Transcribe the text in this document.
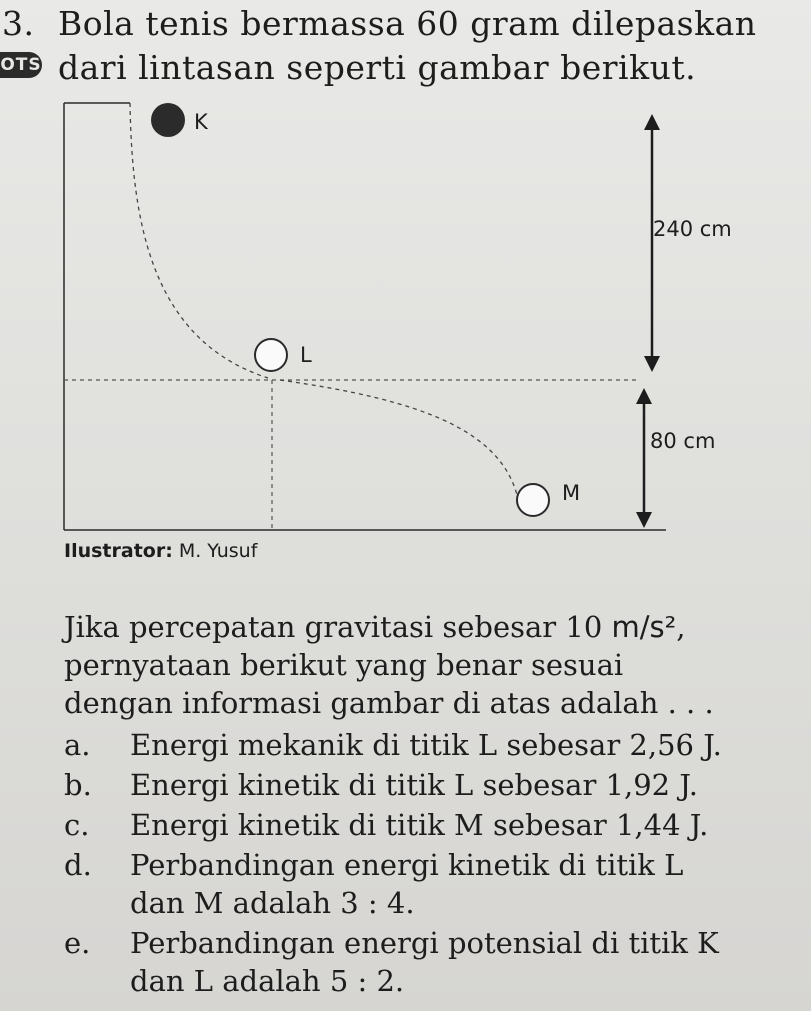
3.
OTS
Bola tenis bermassa 60 gram dilepaskan
dari lintasan seperti gambar berikut.
K
L
M
240 cm
80 cm
Ilustrator: M. Yusuf
Jika percepatan gravitasi sebesar 10 m/s²,
pernyataan berikut yang benar sesuai
dengan informasi gambar di atas adalah . . .
a. Energi mekanik di titik L sebesar 2,56 J.
b. Energi kinetik di titik L sebesar 1,92 J.
c. Energi kinetik di titik M sebesar 1,44 J.
d. Perbandingan energi kinetik di titik L
dan M adalah 3 : 4.
e. Perbandingan energi potensial di titik K
dan L adalah 5 : 2.
